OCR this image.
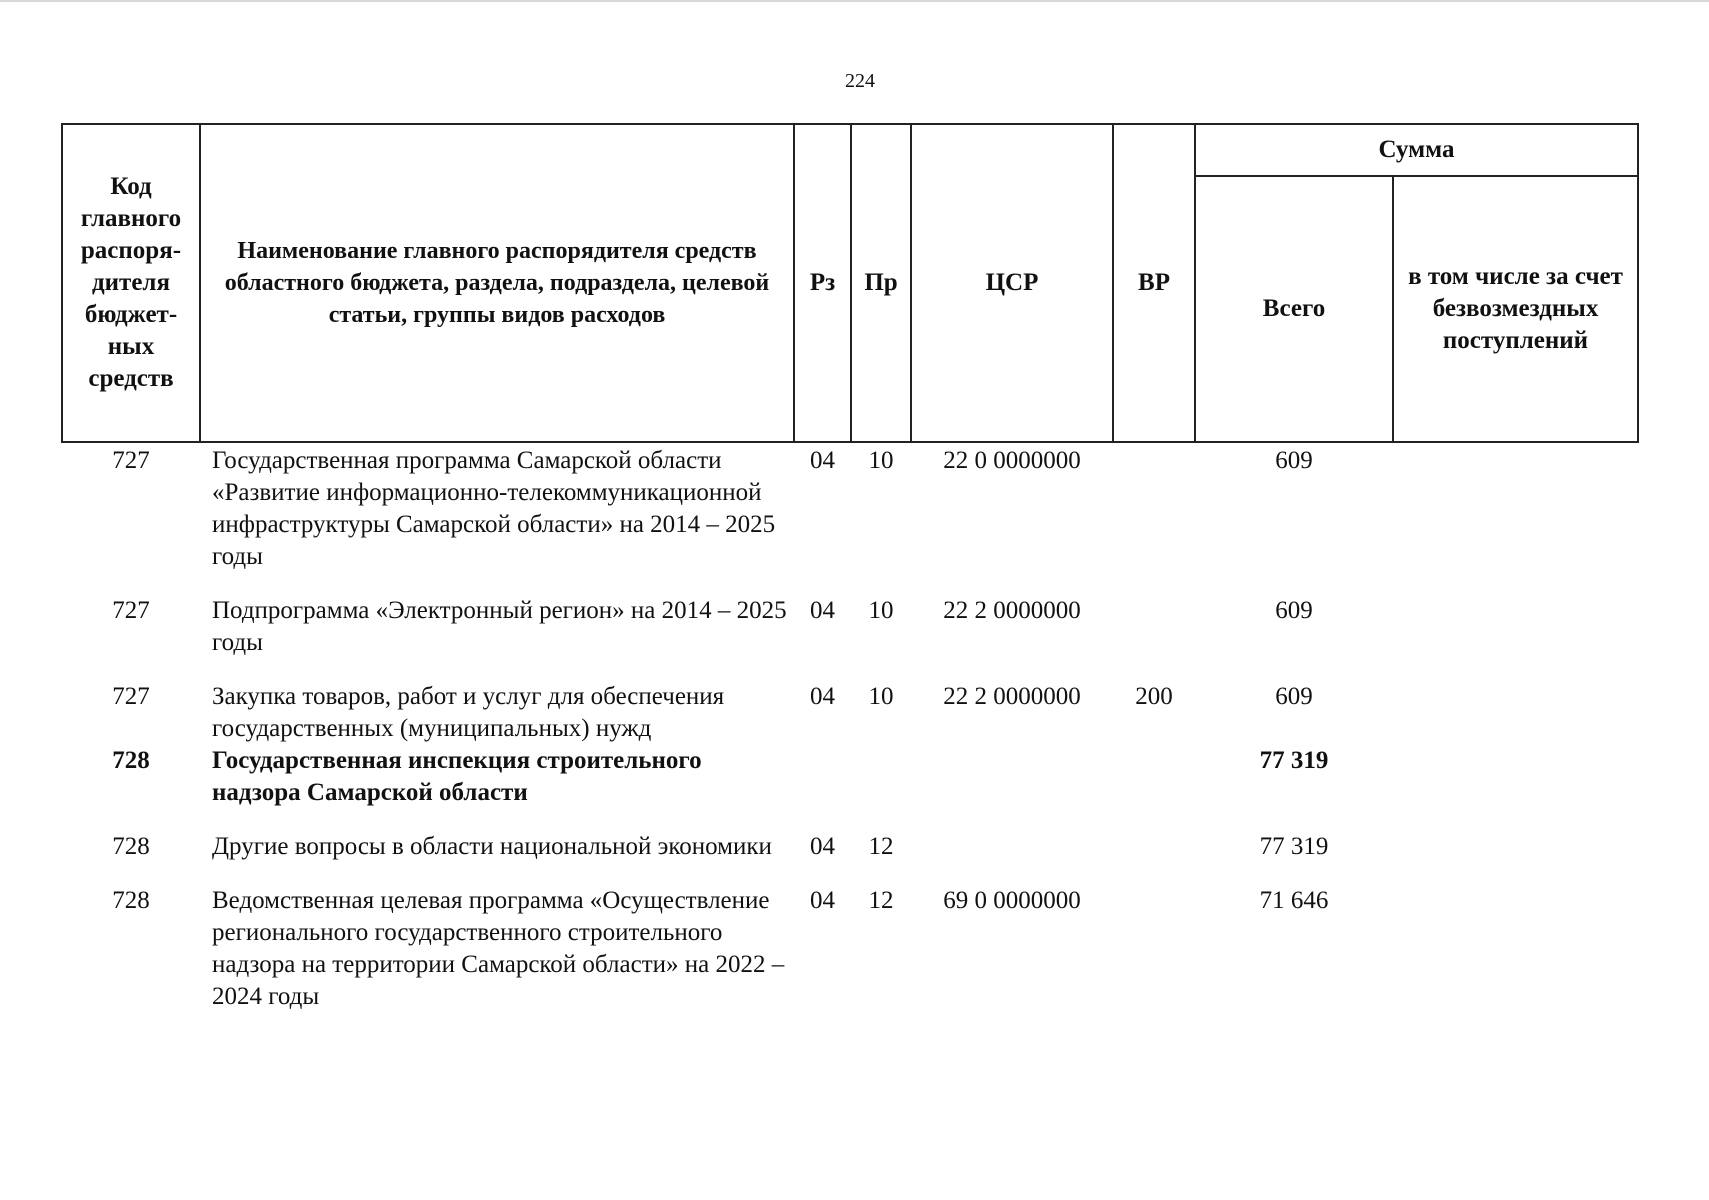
224
Код главного распоря-дителя бюджет-ных средств	Наименование главного распорядителя средств областного бюджета, раздела, подраздела, целевой статьи, группы видов расходов	Рз	Пр	ЦСР	ВР	Сумма	
						Всего	в том числе за счет безвозмездных поступлений
727	Государственная программа Самарской области «Развитие информационно-телекоммуникационной инфраструктуры Самарской области» на 2014 – 2025 годы	04	10	22 0 0000000		609	
727	Подпрограмма «Электронный регион» на 2014 – 2025 годы	04	10	22 2 0000000		609	
727	Закупка товаров, работ и услуг для обеспечения государственных (муниципальных) нужд	04	10	22 2 0000000	200	609	
728	Государственная инспекция строительного надзора Самарской области					77 319	
728	Другие вопросы в области национальной экономики	04	12			77 319	
728	Ведомственная целевая программа «Осуществление регионального государственного строительного надзора на территории Самарской области» на 2022 – 2024 годы	04	12	69 0 0000000		71 646	
